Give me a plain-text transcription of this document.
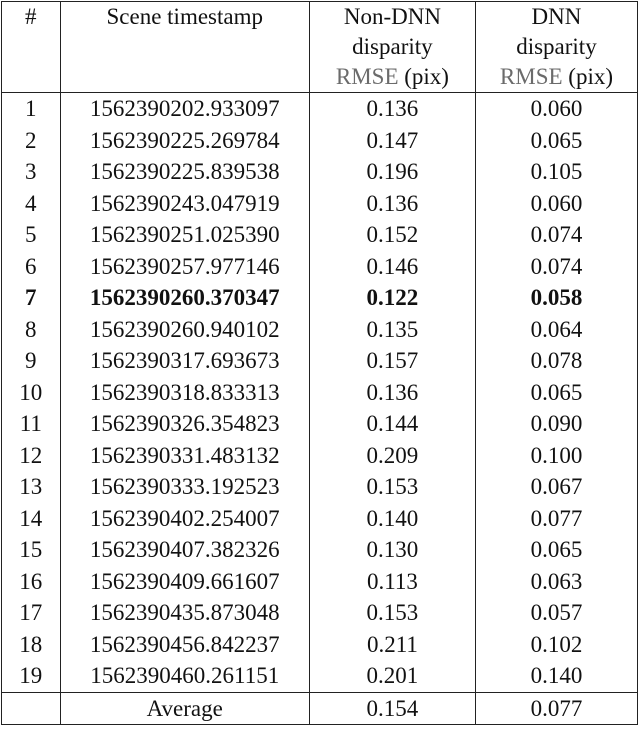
#	Scene timestamp	Non-DNN
disparity
RMSE (pix)	DNN
disparity
RMSE (pix)

1	1562390202.933097	0.136	0.060
2	1562390225.269784	0.147	0.065
3	1562390225.839538	0.196	0.105
4	1562390243.047919	0.136	0.060
5	1562390251.025390	0.152	0.074
6	1562390257.977146	0.146	0.074
7	1562390260.370347	0.122	0.058
8	1562390260.940102	0.135	0.064
9	1562390317.693673	0.157	0.078
10	1562390318.833313	0.136	0.065
11	1562390326.354823	0.144	0.090
12	1562390331.483132	0.209	0.100
13	1562390333.192523	0.153	0.067
14	1562390402.254007	0.140	0.077
15	1562390407.382326	0.130	0.065
16	1562390409.661607	0.113	0.063
17	1562390435.873048	0.153	0.057
18	1562390456.842237	0.211	0.102
19	1562390460.261151	0.201	0.140
	Average	0.154	0.077
